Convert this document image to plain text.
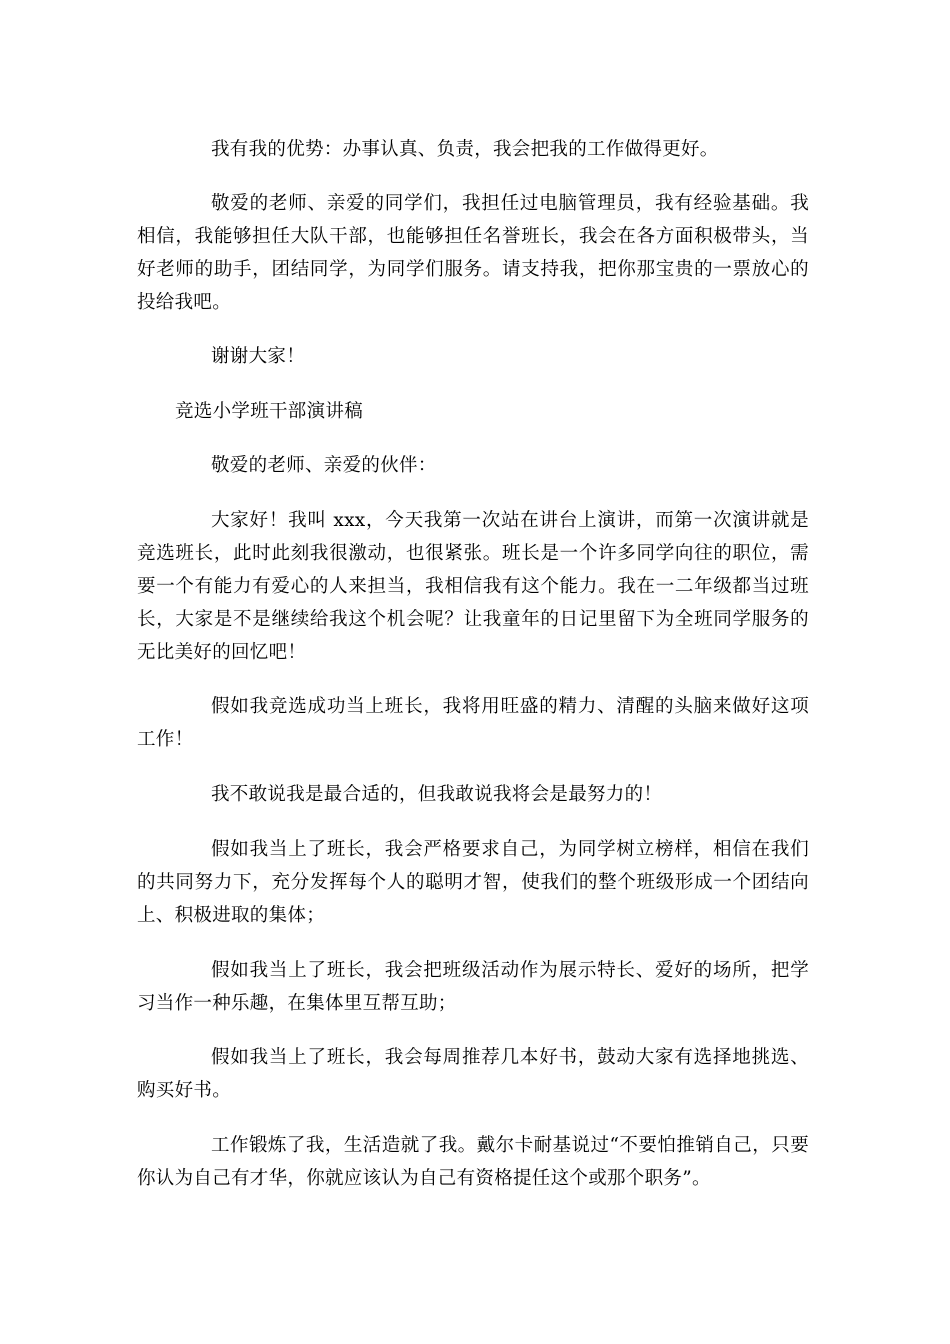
我有我的优势：办事认真、负责，我会把我的工作做得更好。

敬爱的老师、亲爱的同学们，我担任过电脑管理员，我有经验基础。我相信，我能够担任大队干部，也能够担任名誉班长，我会在各方面积极带头，当好老师的助手，团结同学，为同学们服务。请支持我，把你那宝贵的一票放心的投给我吧。

谢谢大家！

竞选小学班干部演讲稿

敬爱的老师、亲爱的伙伴：

大家好！我叫 xxx，今天我第一次站在讲台上演讲，而第一次演讲就是竞选班长，此时此刻我很激动，也很紧张。班长是一个许多同学向往的职位，需要一个有能力有爱心的人来担当，我相信我有这个能力。我在一二年级都当过班长，大家是不是继续给我这个机会呢？让我童年的日记里留下为全班同学服务的无比美好的回忆吧！

假如我竞选成功当上班长，我将用旺盛的精力、清醒的头脑来做好这项工作！

我不敢说我是最合适的，但我敢说我将会是最努力的！

假如我当上了班长，我会严格要求自己，为同学树立榜样，相信在我们的共同努力下，充分发挥每个人的聪明才智，使我们的整个班级形成一个团结向上、积极进取的集体；

假如我当上了班长，我会把班级活动作为展示特长、爱好的场所，把学习当作一种乐趣，在集体里互帮互助；

假如我当上了班长，我会每周推荐几本好书，鼓动大家有选择地挑选、购买好书。

工作锻炼了我，生活造就了我。戴尔卡耐基说过“不要怕推销自己，只要你认为自己有才华，你就应该认为自己有资格提任这个或那个职务”。
